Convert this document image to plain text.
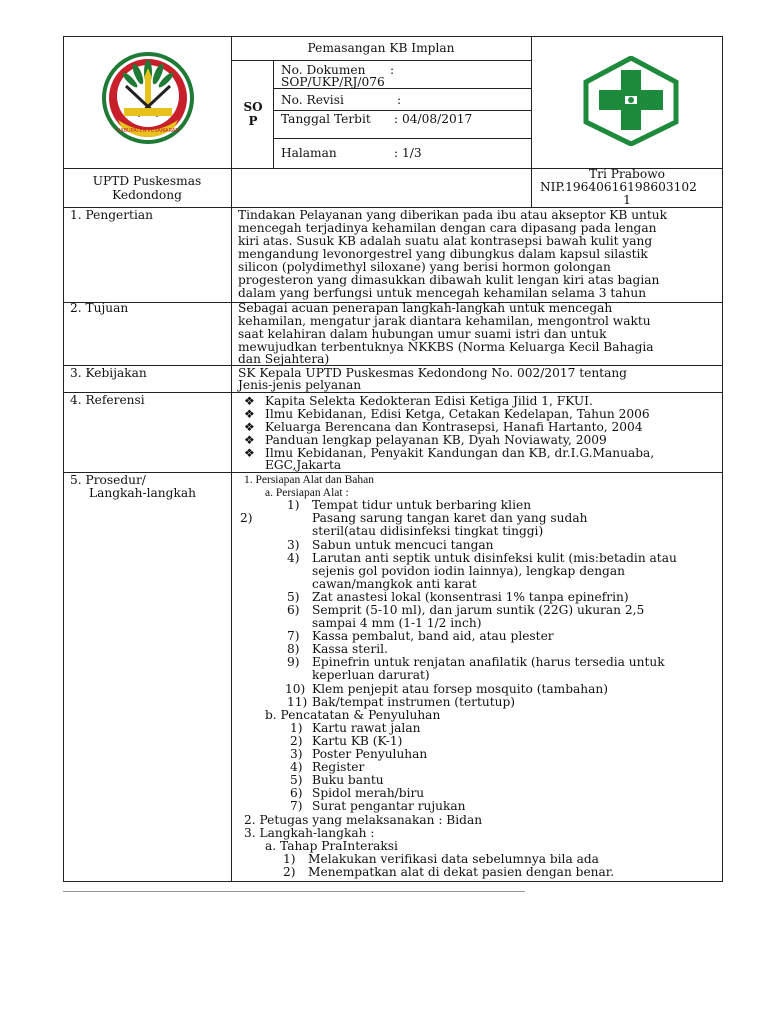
KABUPATEN PESAWARAN
Pemasangan KB Implan
SO P
No. Dokumen :
SOP/UKP/RJ/076
No. Revisi	:
Tanggal Terbit : 04/08/2017
Halaman	: 1/3
UPTD Puskesmas
Kedondong
Tri Prabowo
NIP.19640616198603102
1
1. Pengertian	Tindakan Pelayanan yang diberikan pada ibu atau akseptor KB untuk
mencegah terjadinya kehamilan dengan cara dipasang pada lengan
kiri atas. Susuk KB adalah suatu alat kontrasepsi bawah kulit yang
mengandung levonorgestrel yang dibungkus dalam kapsul silastik
silicon (polydimethyl siloxane) yang berisi hormon golongan
progesteron yang dimasukkan dibawah kulit lengan kiri atas bagian
dalam yang berfungsi untuk mencegah kehamilan selama 3 tahun
2. Tujuan	Sebagai acuan penerapan langkah-langkah untuk mencegah
kehamilan, mengatur jarak diantara kehamilan, mengontrol waktu
saat kelahiran dalam hubungan umur suami istri dan untuk
mewujudkan terbentuknya NKKBS (Norma Keluarga Kecil Bahagia
dan Sejahtera)
3. Kebijakan	SK Kepala UPTD Puskesmas Kedondong No. 002/2017 tentang
Jenis-jenis pelyanan
4. Referensi	❖ Kapita Selekta Kedokteran Edisi Ketiga Jilid 1, FKUI.
❖ Ilmu Kebidanan, Edisi Ketga, Cetakan Kedelapan, Tahun 2006
❖ Keluarga Berencana dan Kontrasepsi, Hanafi Hartanto, 2004
❖ Panduan lengkap pelayanan KB, Dyah Noviawaty, 2009
❖ Ilmu Kebidanan, Penyakit Kandungan dan KB, dr.I.G.Manuaba,
EGC,Jakarta
5. Prosedur/
Langkah-langkah
1. Persiapan Alat dan Bahan
a. Persiapan Alat :
1) Tempat tidur untuk berbaring klien
2)	Pasang sarung tangan karet dan yang sudah
steril(atau didisinfeksi tingkat tinggi)
3) Sabun untuk mencuci tangan
4) Larutan anti septik untuk disinfeksi kulit (mis:betadin atau
sejenis gol povidon iodin lainnya), lengkap dengan
cawan/mangkok anti karat
5) Zat anastesi lokal (konsentrasi 1% tanpa epinefrin)
6) Semprit (5-10 ml), dan jarum suntik (22G) ukuran 2,5
sampai 4 mm (1-1 1/2 inch)
7) Kassa pembalut, band aid, atau plester
8) Kassa steril.
9) Epinefrin untuk renjatan anafilatik (harus tersedia untuk
keperluan darurat)
10) Klem penjepit atau forsep mosquito (tambahan)
11) Bak/tempat instrumen (tertutup)
b. Pencatatan & Penyuluhan
1) Kartu rawat jalan
2) Kartu KB (K-1)
3) Poster Penyuluhan
4) Register
5) Buku bantu
6) Spidol merah/biru
7) Surat pengantar rujukan
2. Petugas yang melaksanakan : Bidan
3. Langkah-langkah :
a. Tahap PraInteraksi
1) Melakukan verifikasi data sebelumnya bila ada
2) Menempatkan alat di dekat pasien dengan benar.
